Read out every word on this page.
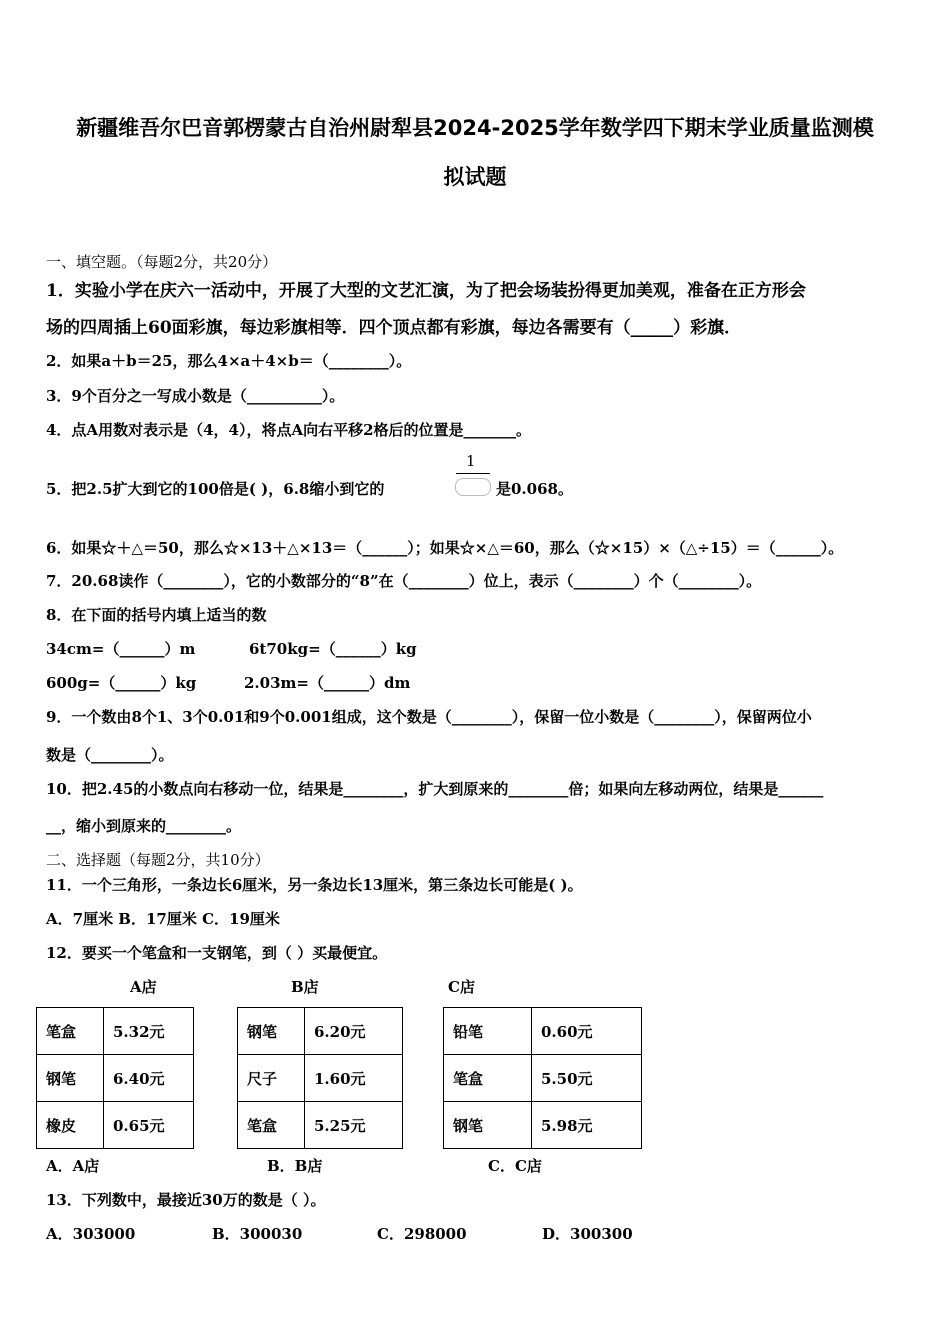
新疆维吾尔巴音郭楞蒙古自治州尉犁县2024-2025学年数学四下期末学业质量监测模
拟试题
一、填空题。（每题2分，共20分）
1．实验小学在庆六一活动中，开展了大型的文艺汇演，为了把会场装扮得更加美观，准备在正方形会
场的四周插上60面彩旗，每边彩旗相等．四个顶点都有彩旗，每边各需要有（_____）彩旗．
2．如果a＋b＝25，那么4×a＋4×b＝（________）。
3．9个百分之一写成小数是（__________）。
4．点A用数对表示是（4，4），将点A向右平移2格后的位置是_______。
5．把2.5扩大到它的100倍是( )，6.8缩小到它的
1
是0.068。
6．如果☆＋△＝50，那么☆×13＋△×13＝（______）；如果☆×△＝60，那么（☆×15）×（△÷15）＝（______）。
7．20.68读作（________），它的小数部分的“8”在（________）位上，表示（________）个（________）。
8．在下面的括号内填上适当的数
34cm=（______）m	6t70kg=（______）kg
600g=（______）kg	2.03m=（______）dm
9．一个数由8个1、3个0.01和9个0.001组成，这个数是（________），保留一位小数是（________），保留两位小
数是（________）。
10．把2.45的小数点向右移动一位，结果是________，扩大到原来的________倍；如果向左移动两位，结果是______
__，缩小到原来的________。
二、选择题（每题2分，共10分）
11．一个三角形，一条边长6厘米，另一条边长13厘米，第三条边长可能是( )。
A．7厘米 B．17厘米 C．19厘米
12．要买一个笔盒和一支钢笔，到（ ）买最便宜。
A店	B店	C店
笔盒	5.32元
钢笔	6.40元
橡皮	0.65元
钢笔	6.20元
尺子	1.60元
笔盒	5.25元
铅笔	0.60元
笔盒	5.50元
钢笔	5.98元
A．A店	B．B店	C．C店
13．下列数中，最接近30万的数是（ ）。
A．303000	B．300030	C．298000	D．300300
